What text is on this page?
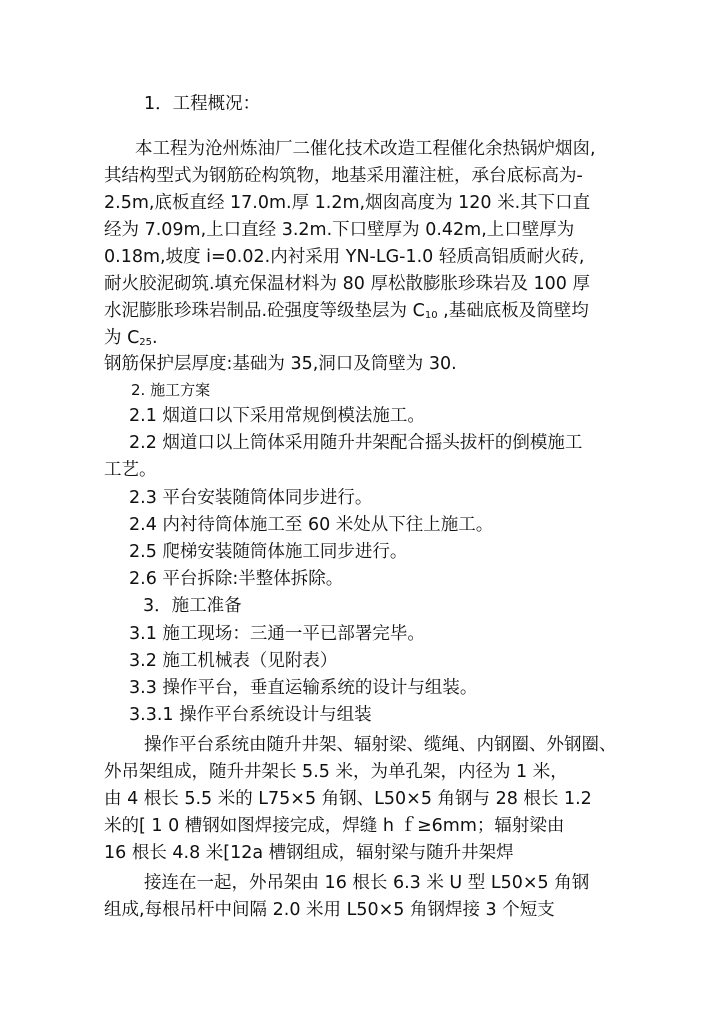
1．工程概况：
本工程为沧州炼油厂二催化技术改造工程催化余热锅炉烟囱,
其结构型式为钢筋砼构筑物，地基采用灌注桩，承台底标高为-
2.5m,底板直经 17.0m.厚 1.2m,烟囱高度为 120 米.其下口直
经为 7.09m,上口直经 3.2m.下口壁厚为 0.42m,上口壁厚为
0.18m,坡度 i=0.02.内衬采用 YN-LG-1.0 轻质高铝质耐火砖,
耐火胶泥砌筑.填充保温材料为 80 厚松散膨胀珍珠岩及 100 厚
水泥膨胀珍珠岩制品.砼强度等级垫层为 $C_{10}$ ,基础底板及筒壁均
为 $C_{25}$.
钢筋保护层厚度:基础为 35,洞口及筒壁为 30.
2. 施工方案
2.1 烟道口以下采用常规倒模法施工。
2.2 烟道口以上筒体采用随升井架配合摇头拔杆的倒模施工
工艺。
2.3 平台安装随筒体同步进行。
2.4 内衬待筒体施工至 60 米处从下往上施工。
2.5 爬梯安装随筒体施工同步进行。
2.6 平台拆除:半整体拆除。
3．施工准备
3.1 施工现场：三通一平已部署完毕。
3.2 施工机械表（见附表）
3.3 操作平台，垂直运输系统的设计与组装。
3.3.1 操作平台系统设计与组装
操作平台系统由随升井架、辐射梁、缆绳、内钢圈、外钢圈、
外吊架组成，随升井架长 5.5 米，为单孔架，内径为 1 米，
由 4 根长 5.5 米的 L75×5 角钢、L50×5 角钢与 28 根长 1.2
米的[ 1 0 槽钢如图焊接完成，焊缝 h ｆ≥6mm；辐射梁由
16 根长 4.8 米[12a 槽钢组成，辐射梁与随升井架焊
接连在一起，外吊架由 16 根长 6.3 米 U 型 L50×5 角钢
组成,每根吊杆中间隔 2.0 米用 L50×5 角钢焊接 3 个短支
